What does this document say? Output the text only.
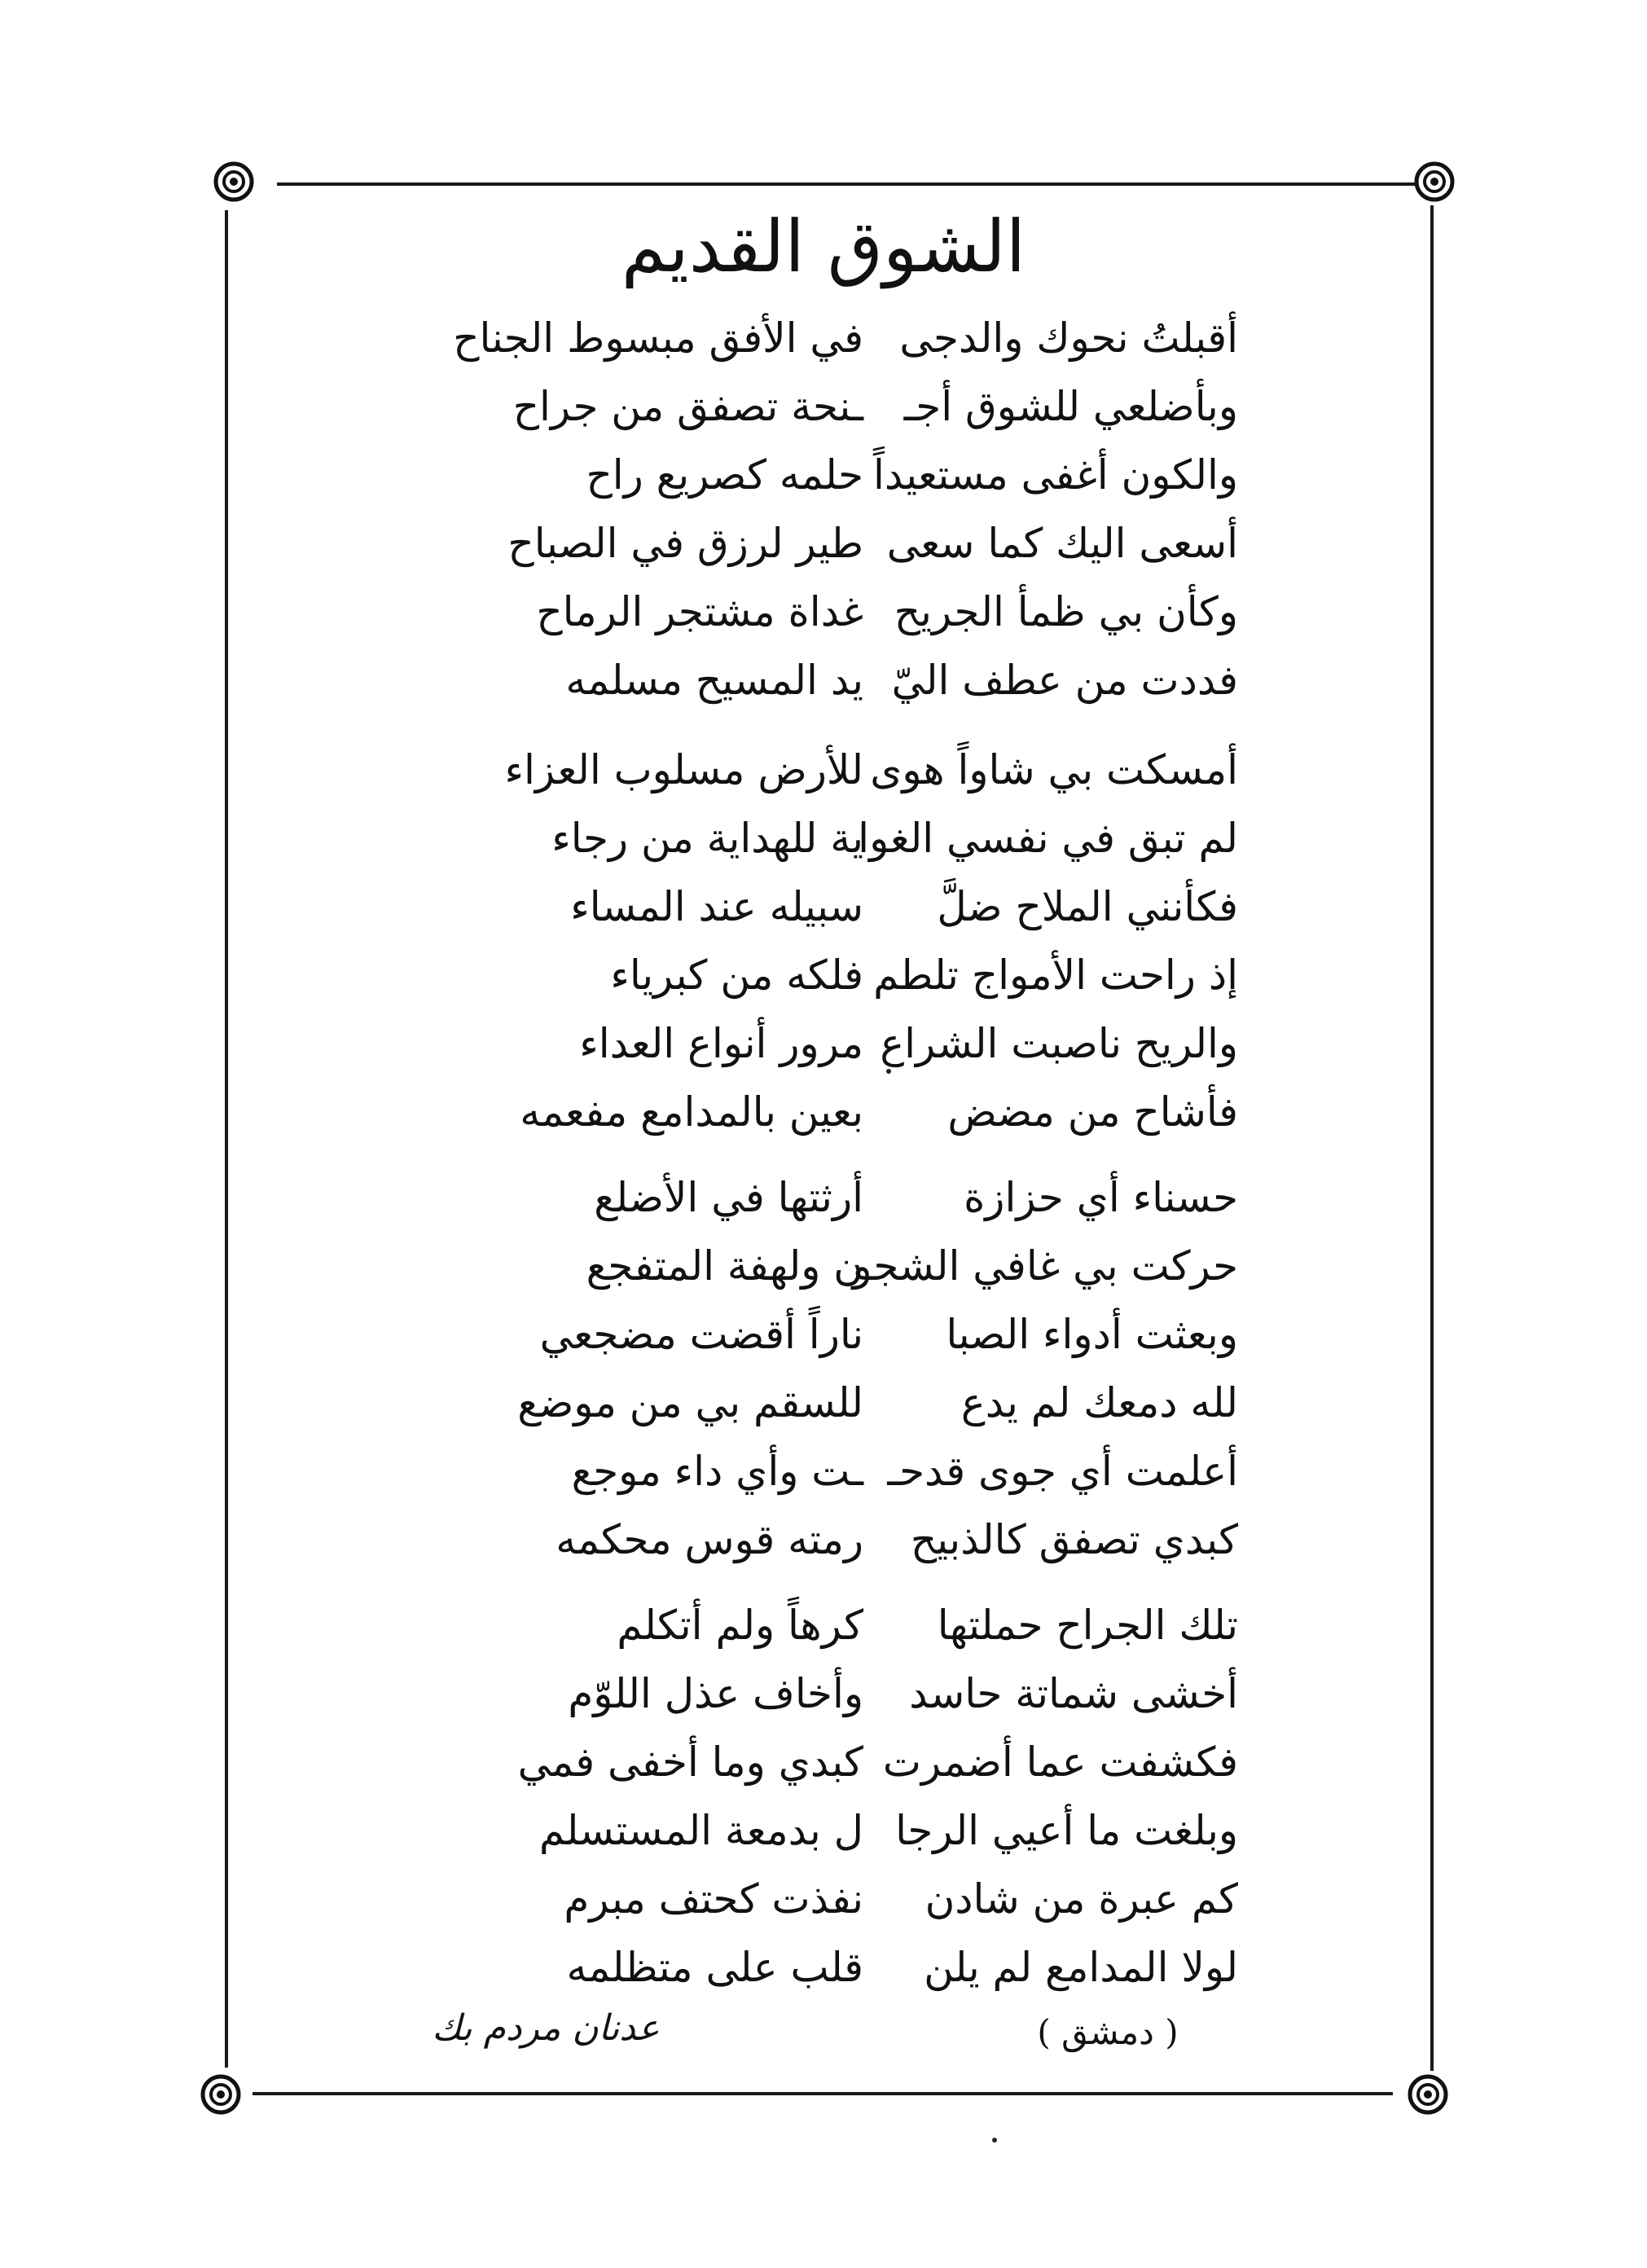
الشوق القديم
أقبلتُ نحوك والدجى
في الأفق مبسوط الجناح
وبأضلعي للشوق أجـ
ـنحة تصفق من جراح
والكون أغفى مستعيداً
حلمه كصريع راح
أسعى اليك كما سعى
طير لرزق في الصباح
وكأن بي ظمأ الجريح
غداة مشتجر الرماح
فددت من عطف اليّ
يد المسيح مسلمه
أمسكت بي شاواً هوى
للأرض مسلوب العزاء
لم تبق في نفسي الغوا
ية للهداية من رجاء
فكأنني الملاح ضلَّ
سبيله عند المساء
إذ راحت الأمواج تلطم
فلكه من كبرياء
والريح ناصبت الشراع
مرور أنواع العداء
فأشاح من مضض
بعين بالمدامع مفعمه
حسناء أي حزازة
أرثتها في الأضلع
حركت بي غافي الشجو
ن ولهفة المتفجع
وبعثت أدواء الصبا
ناراً أقضت مضجعي
لله دمعك لم يدع
للسقم بي من موضع
أعلمت أي جوى قدحـ
ـت وأي داء موجع
كبدي تصفق كالذبيح
رمته قوس محكمه
تلك الجراح حملتها
كرهاً ولم أتكلم
أخشى شماتة حاسد
وأخاف عذل اللوّم
فكشفت عما أضمرت
كبدي وما أخفى فمي
وبلغت ما أعيي الرجا
ل بدمعة المستسلم
كم عبرة من شادن
نفذت كحتف مبرم
لولا المدامع لم يلن
قلب على متظلمه
( دمشق )
عدنان مردم بك
